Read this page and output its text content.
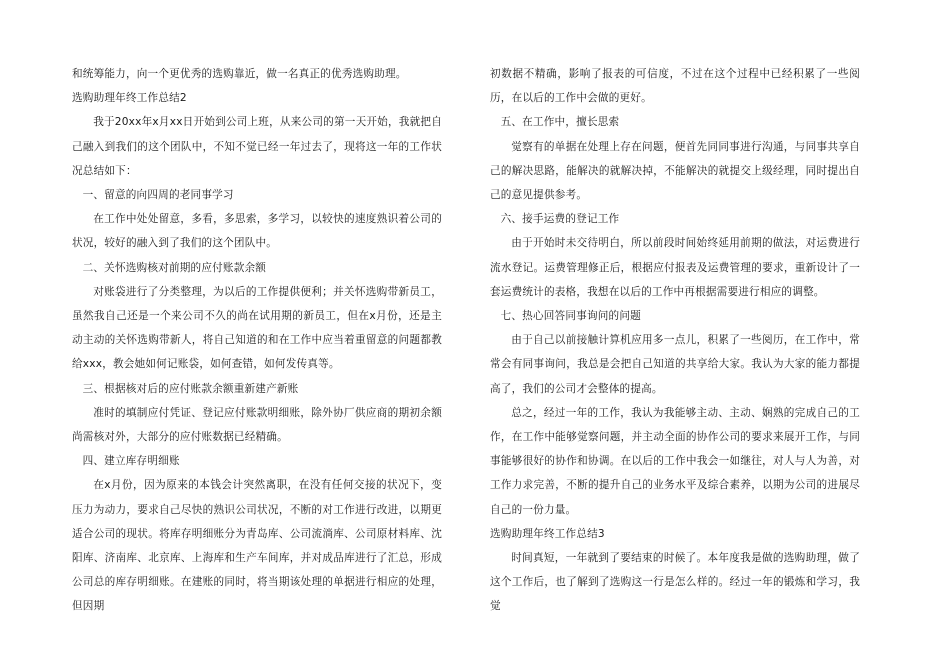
和统筹能力，向一个更优秀的选购靠近，做一名真正的优秀选购助理。

选购助理年终工作总结2

我于20xx年x月xx日开始到公司上班，从来公司的第一天开始，我就把自己融入到我们的这个团队中，不知不觉已经一年过去了，现将这一年的工作状况总结如下：

一、留意的向四周的老同事学习

在工作中处处留意，多看，多思索，多学习，以较快的速度熟识着公司的状况，较好的融入到了我们的这个团队中。

二、关怀选购核对前期的应付账款余额

对账袋进行了分类整理，为以后的工作提供便利；并关怀选购带新员工，虽然我自己还是一个来公司不久的尚在试用期的新员工，但在x月份，还是主动主动的关怀选购带新人，将自己知道的和在工作中应当着重留意的问题都教给xxx，教会她如何记账袋，如何查错，如何发传真等。

三、根据核对后的应付账款余额重新建产新账

准时的填制应付凭证、登记应付账款明细账，除外协厂供应商的期初余额尚需核对外，大部分的应付账数据已经精确。

四、建立库存明细账

在x月份，因为原来的本钱会计突然离职，在没有任何交接的状况下，变压力为动力，要求自己尽快的熟识公司状况，不断的对工作进行改进，以期更适合公司的现状。将库存明细账分为青岛库、公司流淌库、公司原材料库、沈阳库、济南库、北京库、上海库和生产车间库，并对成品库进行了汇总，形成公司总的库存明细账。在建账的同时，将当期该处理的单据进行相应的处理，但因期

初数据不精确，影响了报表的可信度，不过在这个过程中已经积累了一些阅历，在以后的工作中会做的更好。

五、在工作中，擅长思索

觉察有的单据在处理上存在问题，便首先同同事进行沟通，与同事共享自己的解决思路，能解决的就解决掉，不能解决的就提交上级经理，同时提出自己的意见提供参考。

六、接手运费的登记工作

由于开始时未交待明白，所以前段时间始终延用前期的做法，对运费进行流水登记。运费管理修正后，根据应付报表及运费管理的要求，重新设计了一套运费统计的表格，我想在以后的工作中再根据需要进行相应的调整。

七、热心回答同事询问的问题

由于自己以前接触计算机应用多一点儿，积累了一些阅历，在工作中，常常会有同事询问，我总是会把自己知道的共享给大家。我认为大家的能力都提高了，我们的公司才会整体的提高。

总之，经过一年的工作，我认为我能够主动、主动、娴熟的完成自己的工作，在工作中能够觉察问题，并主动全面的协作公司的要求来展开工作，与同事能够很好的协作和协调。在以后的工作中我会一如继往，对人与人为善，对工作力求完善，不断的提升自己的业务水平及综合素养，以期为公司的进展尽自己的一份力量。

选购助理年终工作总结3

时间真短，一年就到了要结束的时候了。本年度我是做的选购助理，做了这个工作后，也了解到了选购这一行是怎么样的。经过一年的锻炼和学习，我觉
